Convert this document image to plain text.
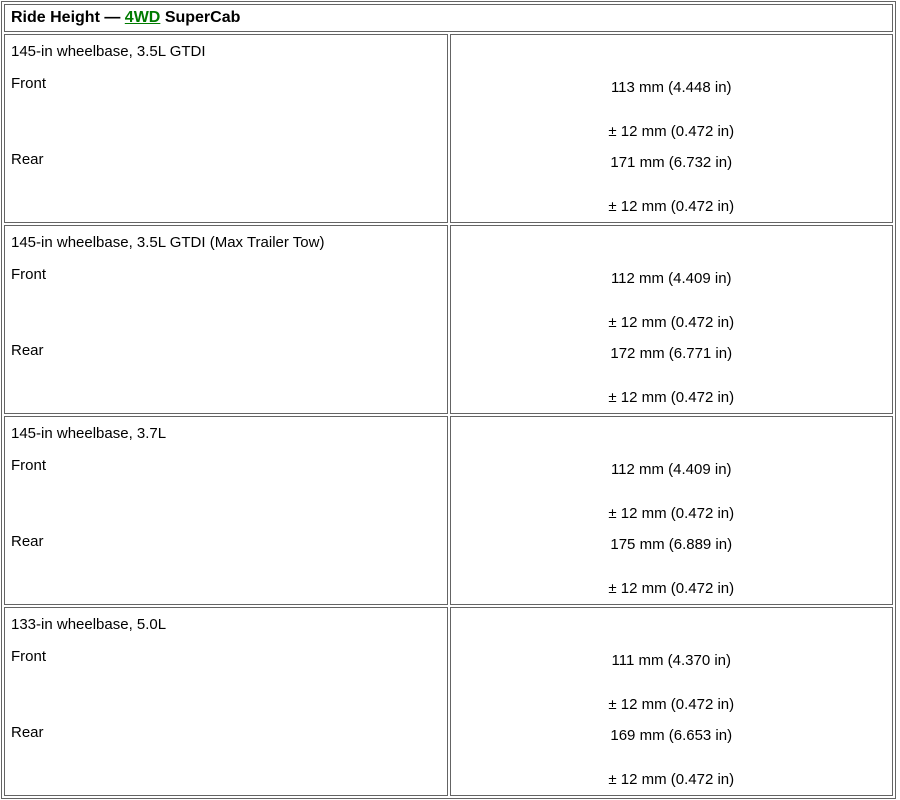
Ride Height — 4WD SuperCab	

145-in wheelbase, 3.5L GTDI
Front
Rear

113 mm (4.448 in)
± 12 mm (0.472 in)
171 mm (6.732 in)
± 12 mm (0.472 in)

145-in wheelbase, 3.5L GTDI (Max Trailer Tow)
Front
Rear

112 mm (4.409 in)
± 12 mm (0.472 in)
172 mm (6.771 in)
± 12 mm (0.472 in)

145-in wheelbase, 3.7L
Front
Rear

112 mm (4.409 in)
± 12 mm (0.472 in)
175 mm (6.889 in)
± 12 mm (0.472 in)

133-in wheelbase, 5.0L
Front
Rear

111 mm (4.370 in)
± 12 mm (0.472 in)
169 mm (6.653 in)
± 12 mm (0.472 in)
